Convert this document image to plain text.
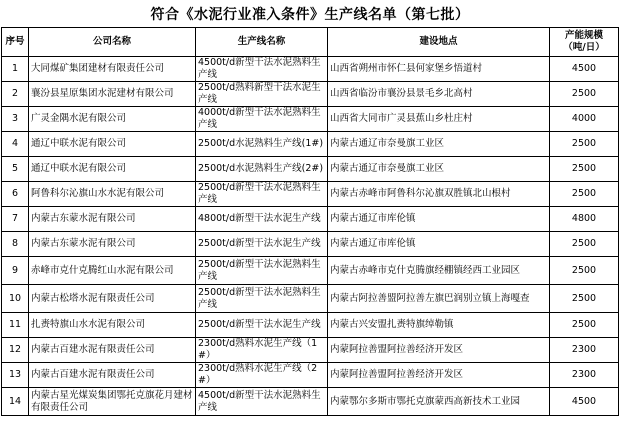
符合《水泥行业准入条件》生产线名单（第七批）
序号	公司名称	生产线名称	建设地点	产能规模
（吨/日）
1	大同煤矿集团建材有限责任公司	4500t/d新型干法水泥熟料生产线	山西省朔州市怀仁县何家堡乡悟道村	4500
2	襄汾县星原集团水泥建材有限公司	2500t/d熟料新型干法水泥生产线	山西省临汾市襄汾县景毛乡北高村	2500
3	广灵金隅水泥有限公司	4000t/d新型干法水泥熟料生产线	山西省大同市广灵县蕉山乡杜庄村	4000
4	通辽中联水泥有限公司	2500t/d水泥熟料生产线(1#)	内蒙古通辽市奈曼旗工业区	2500
5	通辽中联水泥有限公司	2500t/d水泥熟料生产线(2#)	内蒙古通辽市奈曼旗工业区	2500
6	阿鲁科尔沁旗山水水泥有限公司	2500t/d新型干法水泥熟料生产线	内蒙古赤峰市阿鲁科尔沁旗双胜镇北山根村	2500
7	内蒙古东蒙水泥有限公司	4800t/d新型干法水泥生产线	内蒙古通辽市库伦镇	4800
8	内蒙古东蒙水泥有限公司	2500t/d新型干法水泥生产线	内蒙古通辽市库伦镇	2500
9	赤峰市克什克腾红山水泥有限公司	2500t/d新型干法水泥熟料生产线	内蒙古赤峰市克什克腾旗经棚镇经西工业园区	2500
10	内蒙古松塔水泥有限责任公司	2500t/d新型干法水泥熟料生产线	内蒙古阿拉善盟阿拉善左旗巴润别立镇上海嘎查	2500
11	扎赉特旗山水水泥有限公司	2500t/d新型干法水泥生产线	内蒙古兴安盟扎赉特旗绰勒镇	2500
12	内蒙古百建水泥有限责任公司	2300t/d熟料水泥生产线（1#）	内蒙阿拉善盟阿拉善经济开发区	2300
13	内蒙古百建水泥有限责任公司	2300t/d熟料水泥生产线（2#）	内蒙阿拉善盟阿拉善经济开发区	2300
14	内蒙古星光煤炭集团鄂托克旗花月建材有限责任公司	4500t/d新型干法水泥熟料生产线	内蒙鄂尔多斯市鄂托克旗蒙西高新技术工业园	4500
